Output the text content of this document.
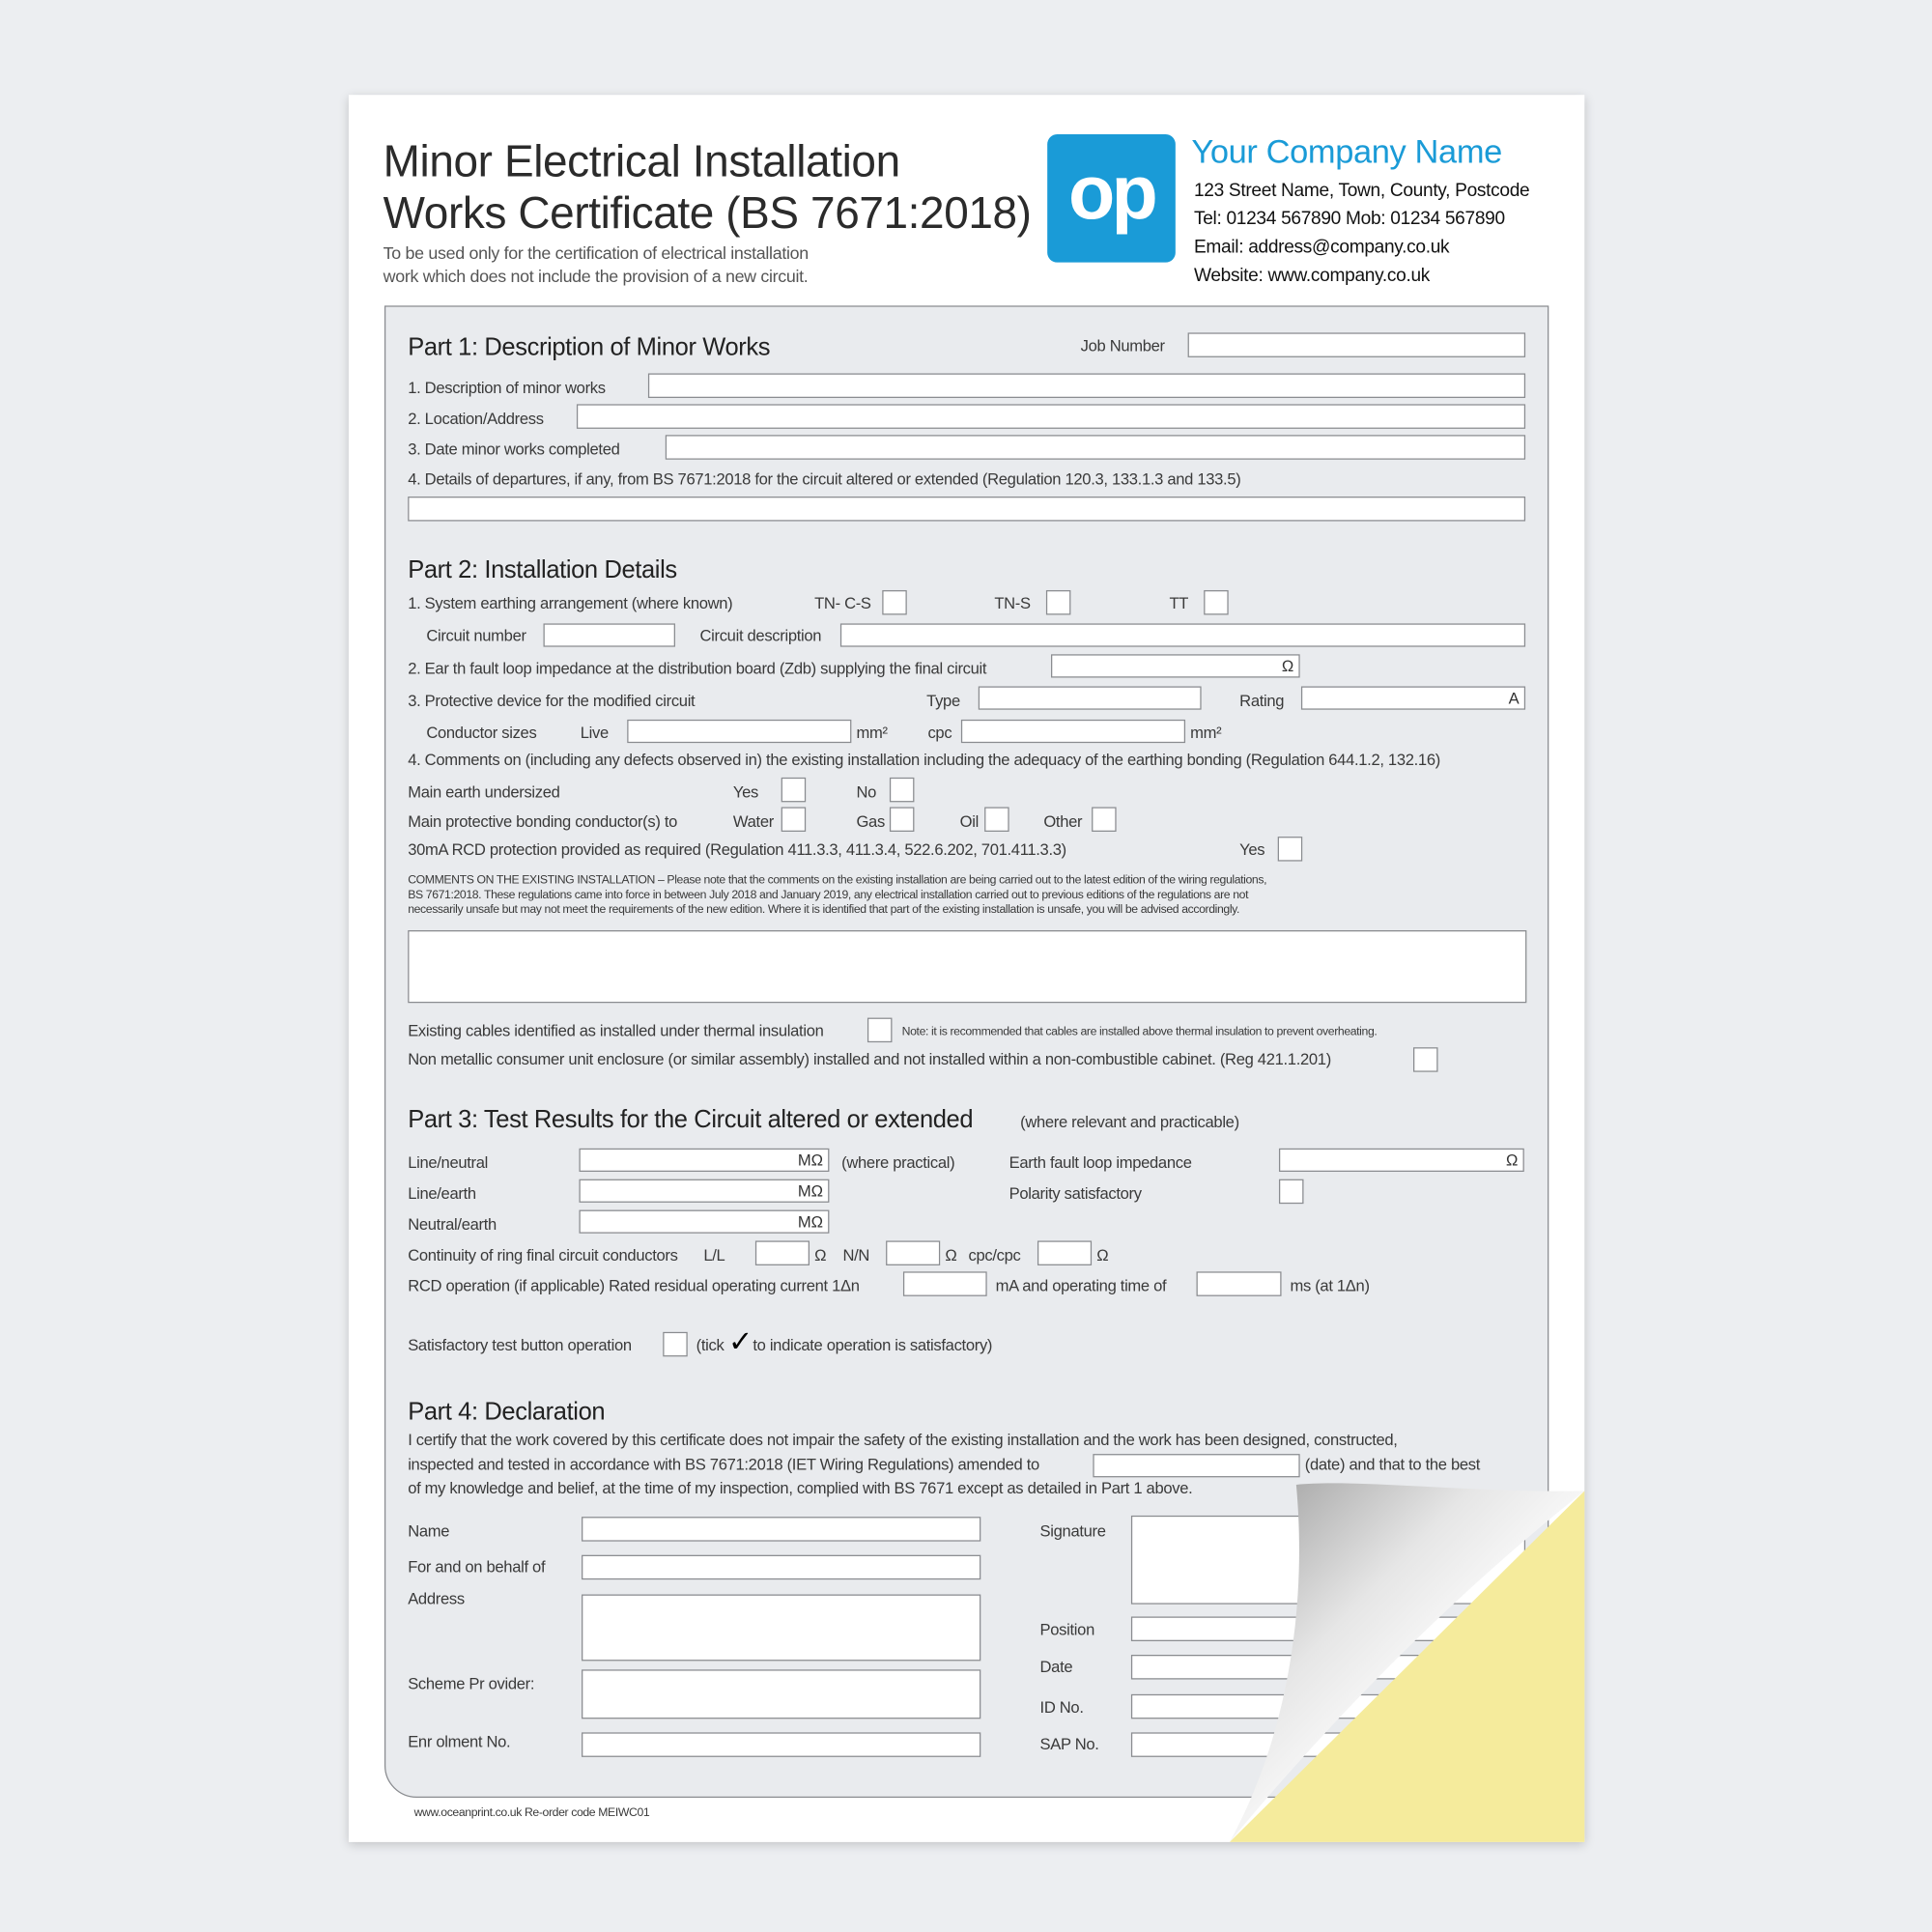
Minor Electrical Installation
Works Certificate (BS 7671:2018)
To be used only for the certification of electrical installation
work which does not include the provision of a new circuit.
op	Your Company Name
123 Street Name, Town, County, Postcode
Tel: 01234 567890 Mob: 01234 567890
Email: address@company.co.uk
Website: www.company.co.uk
Part 1: Description of Minor Works	Job Number
1. Description of minor works
2. Location/Address
3. Date minor works completed
4. Details of departures, if any, from BS 7671:2018 for the circuit altered or extended (Regulation 120.3, 133.1.3 and 133.5)
Part 2: Installation Details
1. System earthing arrangement (where known)	TN- C-S	TN-S	TT
Circuit number	Circuit description
2. Ear th fault loop impedance at the distribution board (Zdb) supplying the final circuit	Ω
3. Protective device for the modified circuit	Type	Rating	A
Conductor sizes	Live	mm²	cpc	mm²
4. Comments on (including any defects observed in) the existing installation including the adequacy of the earthing bonding (Regulation 644.1.2, 132.16)
Main earth undersized	Yes	No
Main protective bonding conductor(s) to	Water	Gas	Oil	Other
30mA RCD protection provided as required (Regulation 411.3.3, 411.3.4, 522.6.202, 701.411.3.3)	Yes
COMMENTS ON THE EXISTING INSTALLATION – Please note that the comments on the existing installation are being carried out to the latest edition of the wiring regulations,
BS 7671:2018. These regulations came into force in between July 2018 and January 2019, any electrical installation carried out to previous editions of the regulations are not
necessarily unsafe but may not meet the requirements of the new edition. Where it is identified that part of the existing installation is unsafe, you will be advised accordingly.
Existing cables identified as installed under thermal insulation	Note: it is recommended that cables are installed above thermal insulation to prevent overheating.
Non metallic consumer unit enclosure (or similar assembly) installed and not installed within a non-combustible cabinet. (Reg 421.1.201)
Part 3: Test Results for the Circuit altered or extended	(where relevant and practicable)
Line/neutral	MΩ (where practical)	Earth fault loop impedance	Ω
Line/earth	MΩ	Polarity satisfactory
Neutral/earth	MΩ
Continuity of ring final circuit conductors L/L	Ω N/N	Ω cpc/cpc	Ω
RCD operation (if applicable) Rated residual operating current 1Δn	mA and operating time of	ms (at 1Δn)
Satisfactory test button operation	(tick ✓ to indicate operation is satisfactory)
Part 4: Declaration
I certify that the work covered by this certificate does not impair the safety of the existing installation and the work has been designed, constructed,
inspected and tested in accordance with BS 7671:2018 (IET Wiring Regulations) amended to	(date) and that to the best
of my knowledge and belief, at the time of my inspection, complied with BS 7671 except as detailed in Part 1 above.
Name
For and on behalf of
Address
Scheme Pr ovider:
Enr olment No.
Signature
Position
Date
ID No.
SAP No.
www.oceanprint.co.uk Re-order code MEIWC01
